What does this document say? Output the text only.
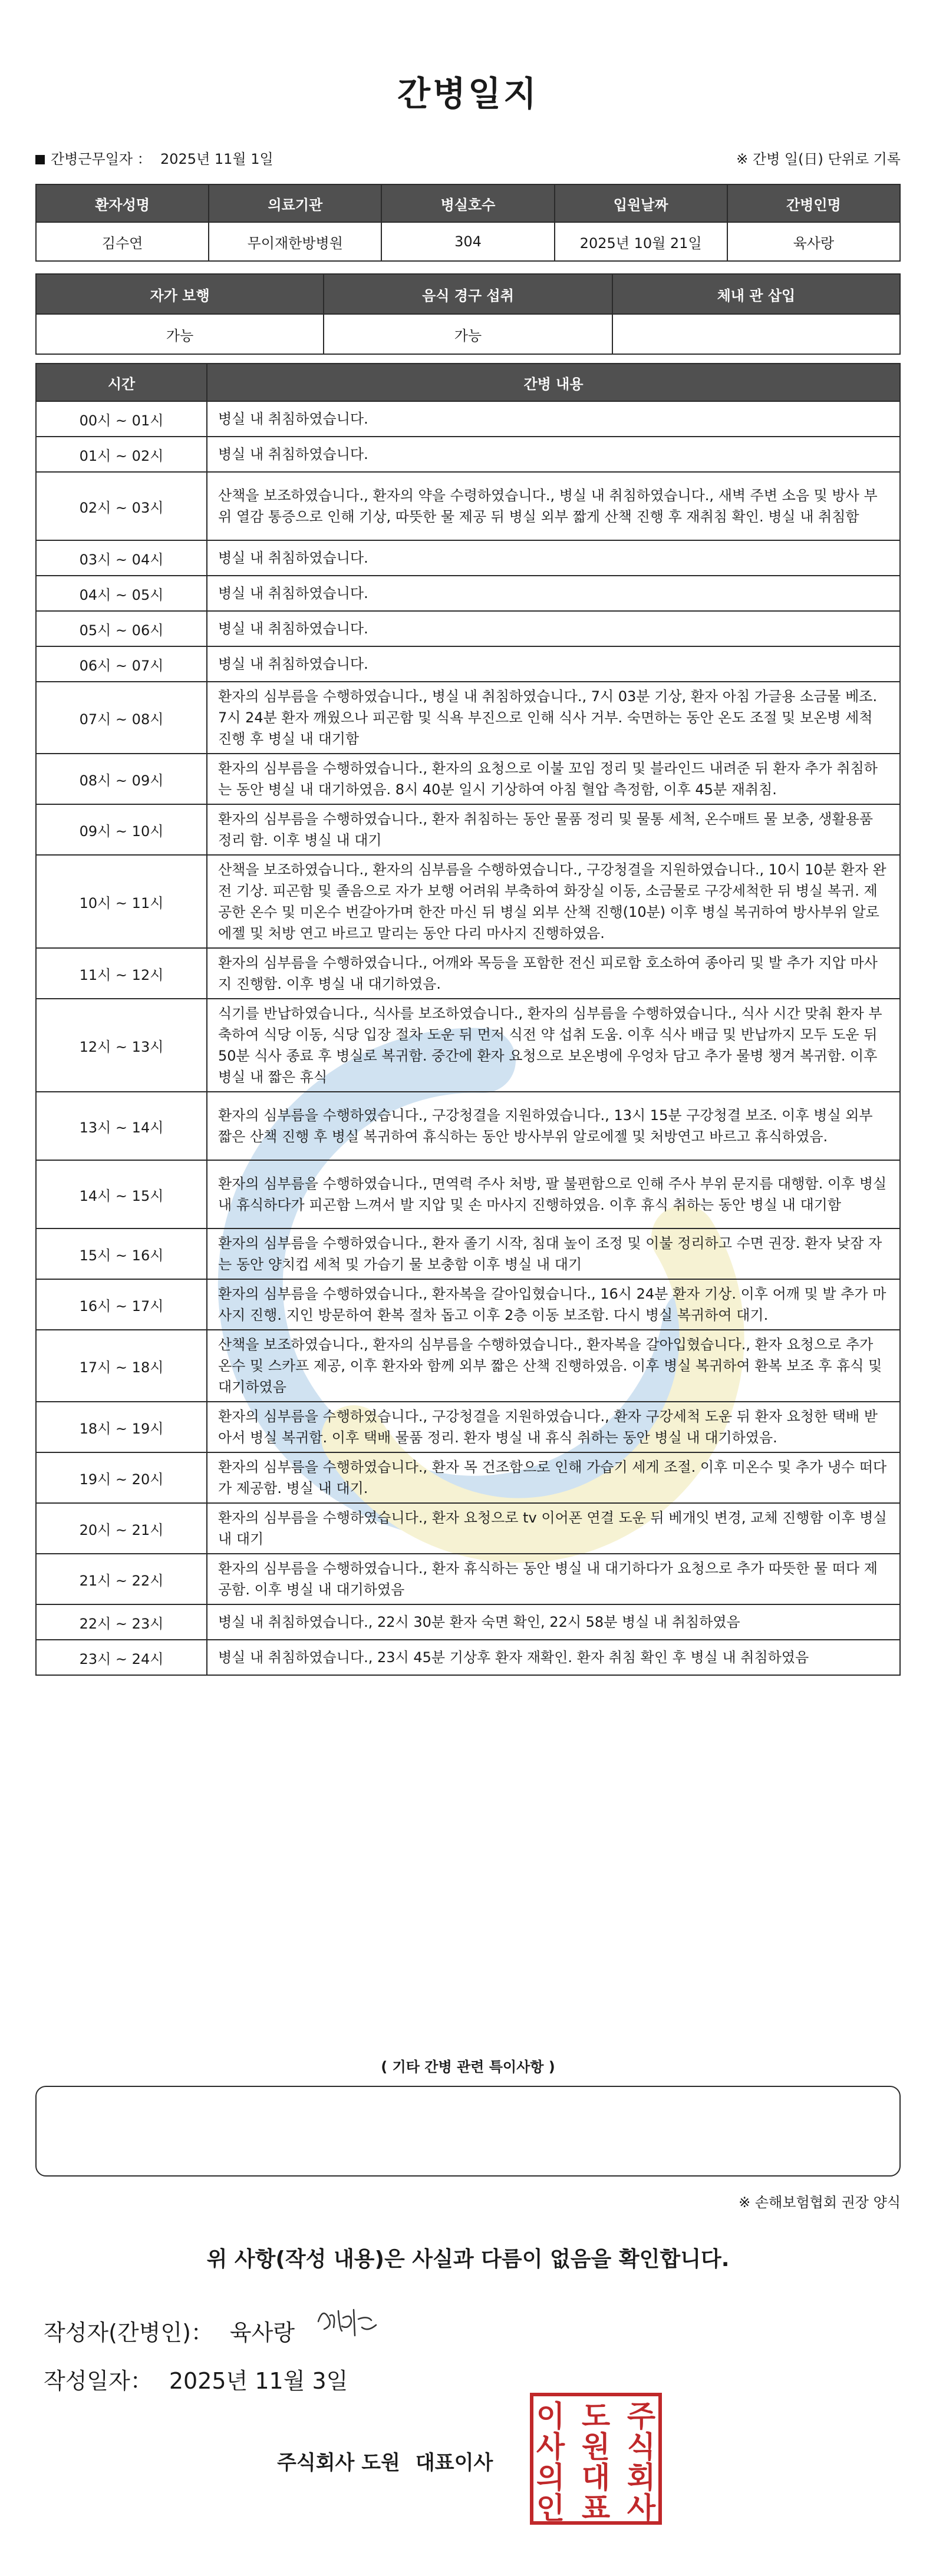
간병일지
간병근무일자 ： 2025년 11월 1일	※ 간병 일(日) 단위로 기록
환자성명	의료기관	병실호수	입원날짜	간병인명
김수연	무이재한방병원	304	2025년 10월 21일	육사랑
자가 보행	음식 경구 섭취	체내 관 삽입
가능	가능	
시간	간병 내용
00시 ~ 01시	병실 내 취침하였습니다.
01시 ~ 02시	병실 내 취침하였습니다.
02시 ~ 03시	산책을 보조하였습니다., 환자의 약을 수령하였습니다., 병실 내 취침하였습니다., 새벽 주변 소음 및 방사 부위 열감 통증으로 인해 기상, 따뜻한 물 제공 뒤 병실 외부 짧게 산책 진행 후 재취침 확인. 병실 내 취침함
03시 ~ 04시	병실 내 취침하였습니다.
04시 ~ 05시	병실 내 취침하였습니다.
05시 ~ 06시	병실 내 취침하였습니다.
06시 ~ 07시	병실 내 취침하였습니다.
07시 ~ 08시	환자의 심부름을 수행하였습니다., 병실 내 취침하였습니다., 7시 03분 기상, 환자 아침 가글용 소금물 베조. 7시 24분 환자 깨웠으나 피곤함 및 식욕 부진으로 인해 식사 거부. 숙면하는 동안 온도 조절 및 보온병 세척 진행 후 병실 내 대기함
08시 ~ 09시	환자의 심부름을 수행하였습니다., 환자의 요청으로 이불 꼬임 정리 및 블라인드 내려준 뒤 환자 추가 취침하는 동안 병실 내 대기하였음. 8시 40분 일시 기상하여 아침 혈압 측정함, 이후 45분 재취침.
09시 ~ 10시	환자의 심부름을 수행하였습니다., 환자 취침하는 동안 물품 정리 및 물통 세척, 온수매트 물 보충, 생활용품 정리 함. 이후 병실 내 대기
10시 ~ 11시	산책을 보조하였습니다., 환자의 심부름을 수행하였습니다., 구강청결을 지원하였습니다., 10시 10분 환자 완전 기상. 피곤함 및 졸음으로 자가 보행 어려워 부축하여 화장실 이동, 소금물로 구강세척한 뒤 병실 복귀. 제공한 온수 및 미온수 번갈아가며 한잔 마신 뒤 병실 외부 산책 진행(10분) 이후 병실 복귀하여 방사부위 알로에젤 및 처방 연고 바르고 말리는 동안 다리 마사지 진행하였음.
11시 ~ 12시	환자의 심부름을 수행하였습니다., 어깨와 목등을 포함한 전신 피로함 호소하여 종아리 및 발 추가 지압 마사지 진행함. 이후 병실 내 대기하였음.
12시 ~ 13시	식기를 반납하였습니다., 식사를 보조하였습니다., 환자의 심부름을 수행하였습니다., 식사 시간 맞춰 환자 부축하여 식당 이동, 식당 입장 절차 도운 뒤 먼저 식전 약 섭취 도움. 이후 식사 배급 및 반납까지 모두 도운 뒤 50분 식사 종료 후 병실로 복귀함. 중간에 환자 요청으로 보온병에 우엉차 담고 추가 물병 챙겨 복귀함. 이후 병실 내 짧은 휴식
13시 ~ 14시	환자의 심부름을 수행하였습니다., 구강청결을 지원하였습니다., 13시 15분 구강청결 보조. 이후 병실 외부 짧은 산책 진행 후 병실 복귀하여 휴식하는 동안 방사부위 알로에젤 및 처방연고 바르고 휴식하였음.
14시 ~ 15시	환자의 심부름을 수행하였습니다., 면역력 주사 처방, 팔 불편함으로 인해 주사 부위 문지름 대행함. 이후 병실 내 휴식하다가 피곤함 느껴서 발 지압 및 손 마사지 진행하였음. 이후 휴식 취하는 동안 병실 내 대기함
15시 ~ 16시	환자의 심부름을 수행하였습니다., 환자 졸기 시작, 침대 높이 조정 및 이불 정리하고 수면 권장. 환자 낮잠 자는 동안 양치컵 세척 및 가습기 물 보충함 이후 병실 내 대기
16시 ~ 17시	환자의 심부름을 수행하였습니다., 환자복을 갈아입혔습니다., 16시 24분 환자 기상. 이후 어깨 및 발 추가 마사지 진행. 지인 방문하여 환복 절차 돕고 이후 2층 이동 보조함. 다시 병실 복귀하여 대기.
17시 ~ 18시	산책을 보조하였습니다., 환자의 심부름을 수행하였습니다., 환자복을 갈아입혔습니다., 환자 요청으로 추가 온수 및 스카프 제공, 이후 환자와 함께 외부 짧은 산책 진행하였음. 이후 병실 복귀하여 환복 보조 후 휴식 및 대기하였음
18시 ~ 19시	환자의 심부름을 수행하였습니다., 구강청결을 지원하였습니다., 환자 구강세척 도운 뒤 환자 요청한 택배 받아서 병실 복귀함. 이후 택배 물품 정리. 환자 병실 내 휴식 취하는 동안 병실 내 대기하였음.
19시 ~ 20시	환자의 심부름을 수행하였습니다., 환자 목 건조함으로 인해 가습기 세게 조절. 이후 미온수 및 추가 냉수 떠다가 제공함. 병실 내 대기.
20시 ~ 21시	환자의 심부름을 수행하였습니다., 환자 요청으로 tv 이어폰 연결 도운 뒤 베개잇 변경, 교체 진행함 이후 병실 내 대기
21시 ~ 22시	환자의 심부름을 수행하였습니다., 환자 휴식하는 동안 병실 내 대기하다가 요청으로 추가 따뜻한 물 떠다 제공함. 이후 병실 내 대기하였음
22시 ~ 23시	병실 내 취침하였습니다., 22시 30분 환자 숙면 확인, 22시 58분 병실 내 취침하였음
23시 ~ 24시	병실 내 취침하였습니다., 23시 45분 기상후 환자 재확인. 환자 취침 확인 후 병실 내 취침하였음
( 기타 간병 관련 특이사항 )
※ 손해보험협회 권장 양식
위 사항(작성 내용)은 사실과 다름이 없음을 확인합니다.
작성자(간병인)： 육사랑
작성일자： 2025년 11월 3일
주식회사 도원 대표이사
주
식
회
사
도
원
대
표
이
사
의
인
